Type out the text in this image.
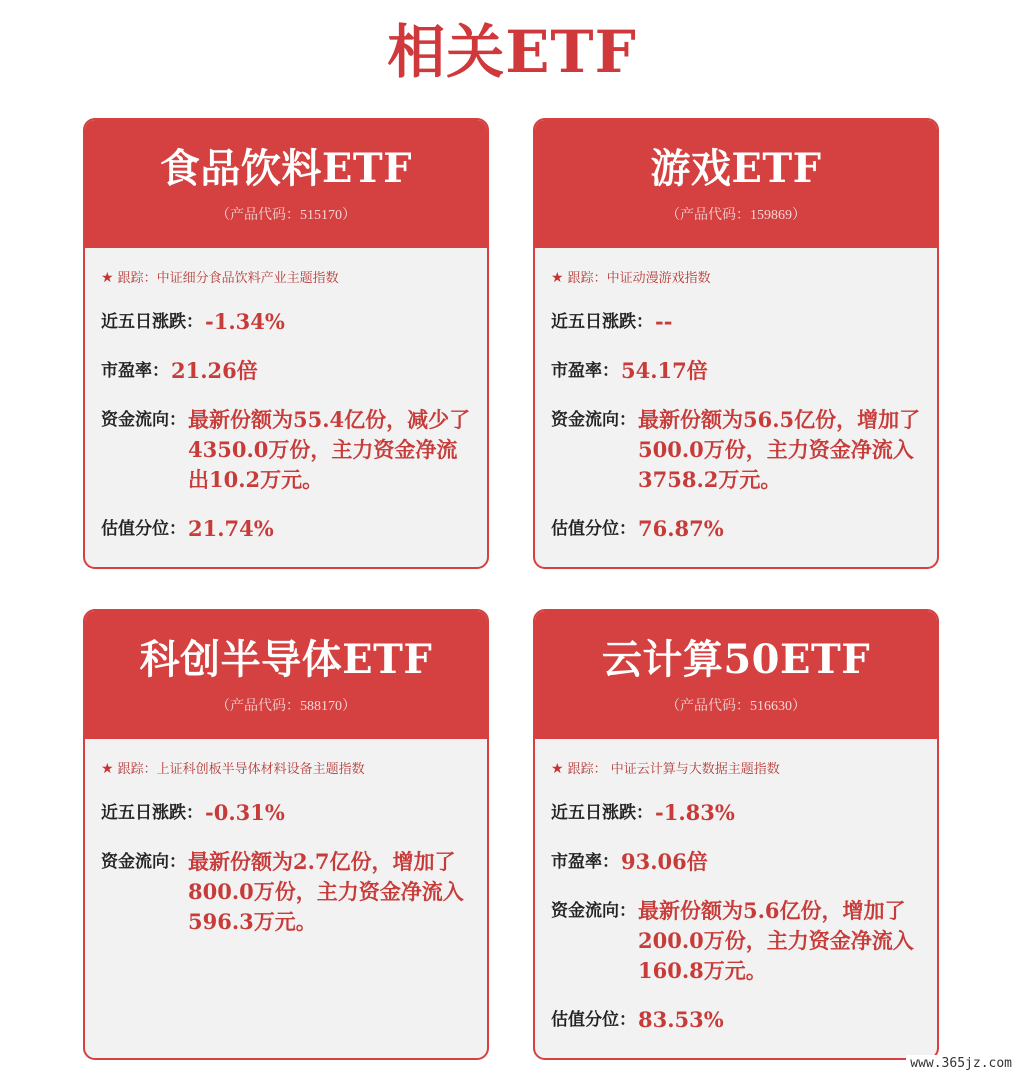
相关ETF
食品饮料ETF
（产品代码：515170）
★ 跟踪：中证细分食品饮料产业主题指数
近五日涨跌： -1.34%
市盈率： 21.26倍
资金流向： 最新份额为55.4亿份，减少了4350.0万份，主力资金净流出10.2万元。
估值分位： 21.74%
游戏ETF
（产品代码：159869）
★ 跟踪：中证动漫游戏指数
近五日涨跌： --
市盈率： 54.17倍
资金流向： 最新份额为56.5亿份，增加了500.0万份，主力资金净流入3758.2万元。
估值分位： 76.87%
科创半导体ETF
（产品代码：588170）
★ 跟踪：上证科创板半导体材料设备主题指数
近五日涨跌： -0.31%
资金流向： 最新份额为2.7亿份，增加了800.0万份，主力资金净流入596.3万元。
云计算50ETF
（产品代码：516630）
★ 跟踪： 中证云计算与大数据主题指数
近五日涨跌： -1.83%
市盈率： 93.06倍
资金流向： 最新份额为5.6亿份，增加了200.0万份，主力资金净流入160.8万元。
估值分位： 83.53%
www.365jz.com
